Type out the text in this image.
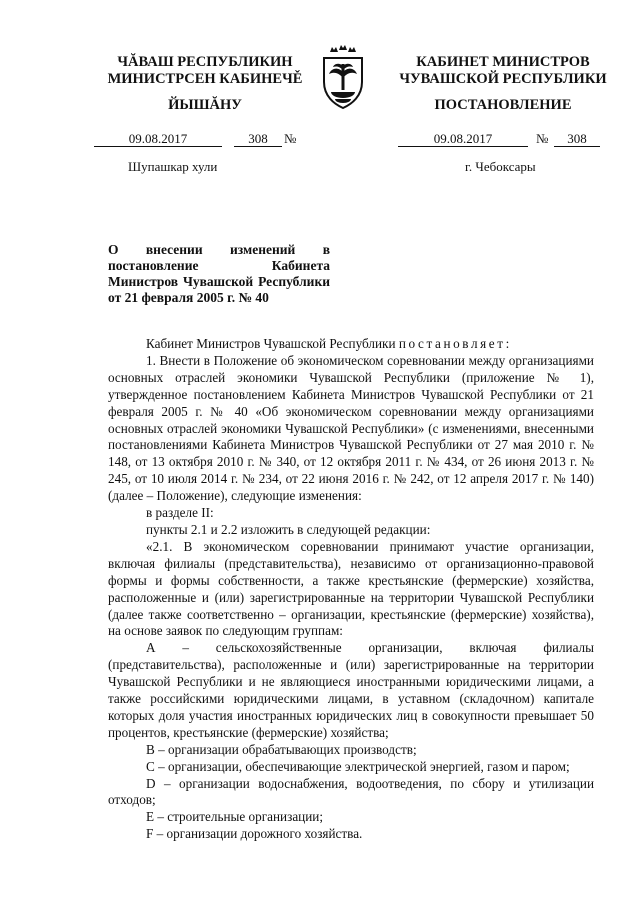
ЧĂВАШ РЕСПУБЛИКИН
МИНИСТРСЕН КАБИНЕЧĚ
ЙЫШĂНУ
КАБИНЕТ МИНИСТРОВ
ЧУВАШСКОЙ РЕСПУБЛИКИ
ПОСТАНОВЛЕНИЕ
09.08.2017	308	№	09.08.2017	№	308
Шупашкар хули	г. Чебоксары
О внесении изменений в постановление Кабинета Министров Чувашской Республики от 21 февраля 2005 г. № 40

Кабинет Министров Чувашской Республики постановляет:

1. Внести в Положение об экономическом соревновании между организациями основных отраслей экономики Чувашской Республики (приложение № 1), утвержденное постановлением Кабинета Министров Чувашской Республики от 21 февраля 2005 г. № 40 «Об экономическом соревновании между организациями основных отраслей экономики Чувашской Республики» (с изменениями, внесенными постановлениями Кабинета Министров Чувашской Республики от 27 мая 2010 г. № 148, от 13 октября 2010 г. № 340, от 12 октября 2011 г. № 434, от 26 июня 2013 г. № 245, от 10 июля 2014 г. № 234, от 22 июня 2016 г. № 242, от 12 апреля 2017 г. № 140) (далее – Положение), следующие изменения:

в разделе II:

пункты 2.1 и 2.2 изложить в следующей редакции:

«2.1. В экономическом соревновании принимают участие организации, включая филиалы (представительства), независимо от организационно-правовой формы и формы собственности, а также крестьянские (фермерские) хозяйства, расположенные и (или) зарегистрированные на территории Чувашской Республики (далее также соответственно – организации, крестьянские (фермерские) хозяйства), на основе заявок по следующим группам:

А – сельскохозяйственные организации, включая филиалы (представительства), расположенные и (или) зарегистрированные на территории Чувашской Республики и не являющиеся иностранными юридическими лицами, а также российскими юридическими лицами, в уставном (складочном) капитале которых доля участия иностранных юридических лиц в совокупности превышает 50 процентов, крестьянские (фермерские) хозяйства;

В – организации обрабатывающих производств;

С – организации, обеспечивающие электрической энергией, газом и паром;

D – организации водоснабжения, водоотведения, по сбору и утилизации отходов;

Е – строительные организации;

F – организации дорожного хозяйства.
